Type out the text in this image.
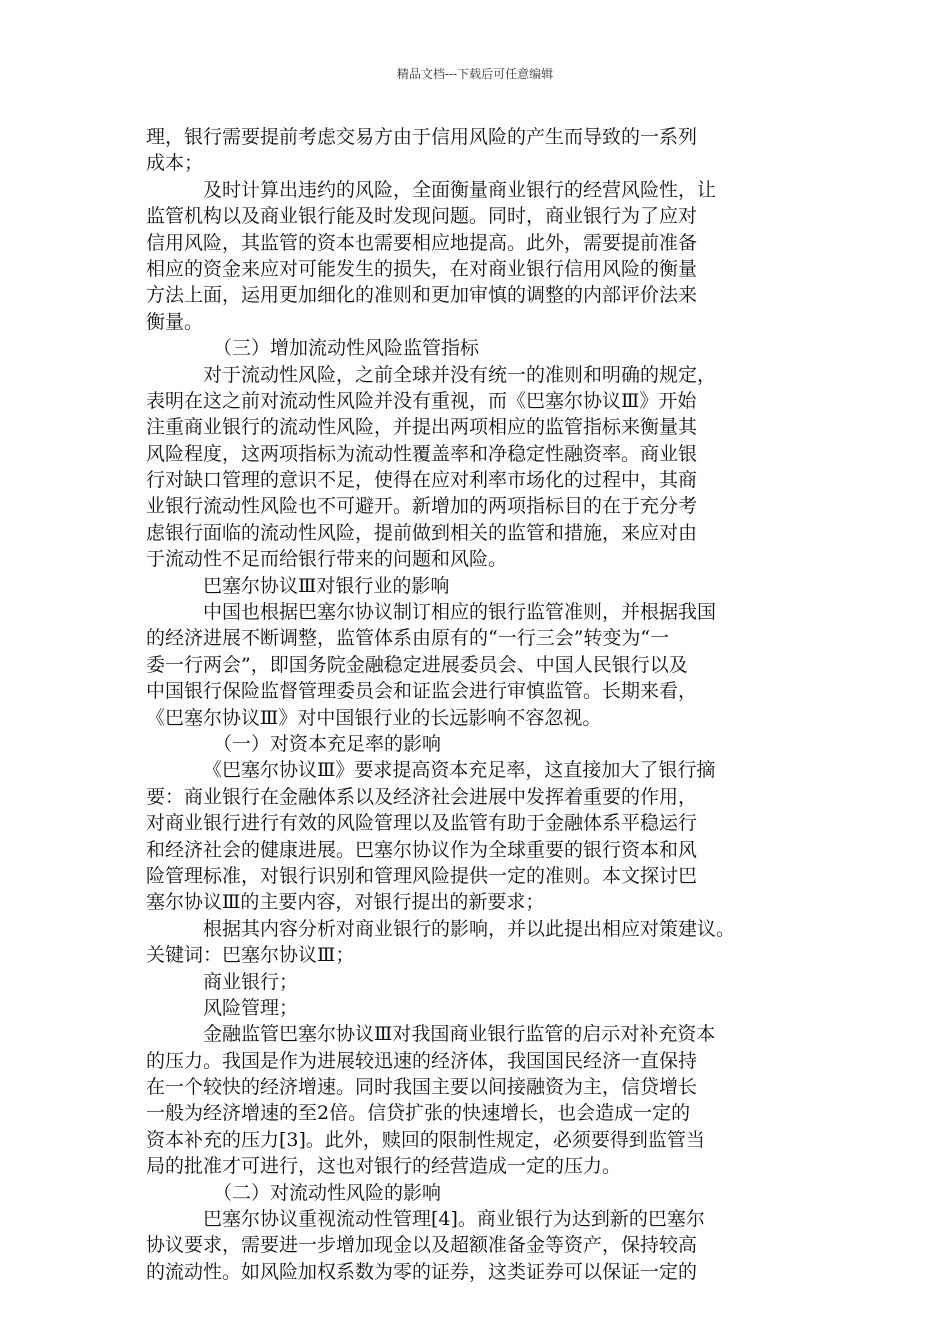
精品文档---下载后可任意编辑
理，银行需要提前考虑交易方由于信用风险的产生而导致的一系列
成本；
及时计算出违约的风险，全面衡量商业银行的经营风险性，让
监管机构以及商业银行能及时发现问题。同时，商业银行为了应对
信用风险，其监管的资本也需要相应地提高。此外，需要提前准备
相应的资金来应对可能发生的损失，在对商业银行信用风险的衡量
方法上面，运用更加细化的准则和更加审慎的调整的内部评价法来
衡量。
（三）增加流动性风险监管指标
对于流动性风险，之前全球并没有统一的准则和明确的规定，
表明在这之前对流动性风险并没有重视，而《巴塞尔协议Ⅲ》开始
注重商业银行的流动性风险，并提出两项相应的监管指标来衡量其
风险程度，这两项指标为流动性覆盖率和净稳定性融资率。商业银
行对缺口管理的意识不足，使得在应对利率市场化的过程中，其商
业银行流动性风险也不可避开。新增加的两项指标目的在于充分考
虑银行面临的流动性风险，提前做到相关的监管和措施，来应对由
于流动性不足而给银行带来的问题和风险。
巴塞尔协议Ⅲ对银行业的影响
中国也根据巴塞尔协议制订相应的银行监管准则，并根据我国
的经济进展不断调整，监管体系由原有的“一行三会”转变为“一
委一行两会”，即国务院金融稳定进展委员会、中国人民银行以及
中国银行保险监督管理委员会和证监会进行审慎监管。长期来看，
《巴塞尔协议Ⅲ》对中国银行业的长远影响不容忽视。
（一）对资本充足率的影响
《巴塞尔协议Ⅲ》要求提高资本充足率，这直接加大了银行摘
要：商业银行在金融体系以及经济社会进展中发挥着重要的作用，
对商业银行进行有效的风险管理以及监管有助于金融体系平稳运行
和经济社会的健康进展。巴塞尔协议作为全球重要的银行资本和风
险管理标准，对银行识别和管理风险提供一定的准则。本文探讨巴
塞尔协议Ⅲ的主要内容，对银行提出的新要求；
根据其内容分析对商业银行的影响，并以此提出相应对策建议。
关键词：巴塞尔协议Ⅲ；
商业银行；
风险管理；
金融监管巴塞尔协议Ⅲ对我国商业银行监管的启示对补充资本
的压力。我国是作为进展较迅速的经济体，我国国民经济一直保持
在一个较快的经济增速。同时我国主要以间接融资为主，信贷增长
一般为经济增速的至2倍。信贷扩张的快速增长，也会造成一定的
资本补充的压力[3]。此外，赎回的限制性规定，必须要得到监管当
局的批准才可进行，这也对银行的经营造成一定的压力。
（二）对流动性风险的影响
巴塞尔协议重视流动性管理[4]。商业银行为达到新的巴塞尔
协议要求，需要进一步增加现金以及超额准备金等资产，保持较高
的流动性。如风险加权系数为零的证券，这类证券可以保证一定的
